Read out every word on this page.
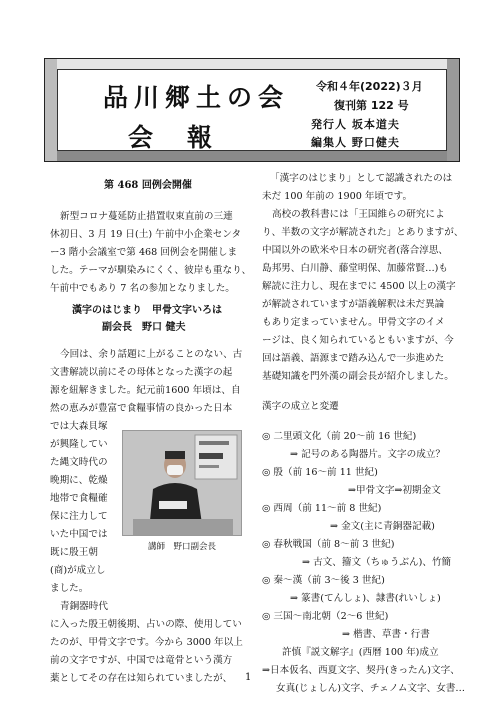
品川郷土の会
会報
令和４年(2022)３月
復刊第 122 号
発行人 坂本道夫
編集人 野口健夫
第 468 回例会開催
新型コロナ蔓延防止措置収束直前の三連
休初日、3 月 19 日(土) 午前中小企業センタ
ー3 階小会議室で第 468 回例会を開催しま
した。テーマが馴染みにくく、彼岸も重なり、
午前中でもあり 7 名の参加となりました。
漢字のはじまり　甲骨文字いろは
副会長　野口 健夫
今回は、余り話題に上がることのない、古
文書解読以前にその母体となった漢字の起
源を紐解きました。紀元前1600 年頃は、自
然の恵みが豊富で食糧事情の良かった日本
では大森貝塚
が興隆してい
た縄文時代の
晩期に、乾燥
地帯で食糧確
保に注力して
いた中国では
既に殷王朝
(商)が成立し
ました。
青銅器時代
に入った殷王朝後期、占いの際、使用してい
たのが、甲骨文字です。今から 3000 年以上
前の文字ですが、中国では竜骨という漢方
薬としてその存在は知られていましたが、
講師　野口副会長
「漢字のはじまり」として認識されたのは
未だ 100 年前の 1900 年頃です。
高校の教科書には「王国維らの研究によ
り、半数の文字が解読された」とありますが、
中国以外の欧米や日本の研究者(落合淳思、
島邦男、白川静、藤堂明保、加藤常賢…)も
解読に注力し、現在までに 4500 以上の漢字
が解読されていますが語義解釈は未だ異論
もあり定まっていません。甲骨文字のイメ
ージは、良く知られているともいますが、今
回は語義、語源まで踏み込んで一歩進めた
基礎知識を門外漢の副会長が紹介しました。
漢字の成立と変遷
◎ 二里頭文化（前 20～前 16 世紀)
⇒ 記号のある陶器片。文字の成立？
◎ 殷（前 16～前 11 世紀)
⇒甲骨文字⇒初期金文
◎ 西周（前 11～前 8 世紀)
⇒ 金文(主に青銅器記載)
◎ 春秋戦国（前 8～前 3 世紀)
⇒ 古文、籀文（ちゅうぶん)、竹簡
◎ 秦～漢（前 3～後 3 世紀)
⇒ 篆書(てんしょ)、隷書(れいしょ)
◎ 三国～南北朝（2～6 世紀)
⇒ 楷書、草書・行書
許慎『説文解字』(西暦 100 年)成立
⇒日本仮名、西夏文字、契丹(きったん)文字、
女真(じょしん)文字、チェノム文字、女書…
1
